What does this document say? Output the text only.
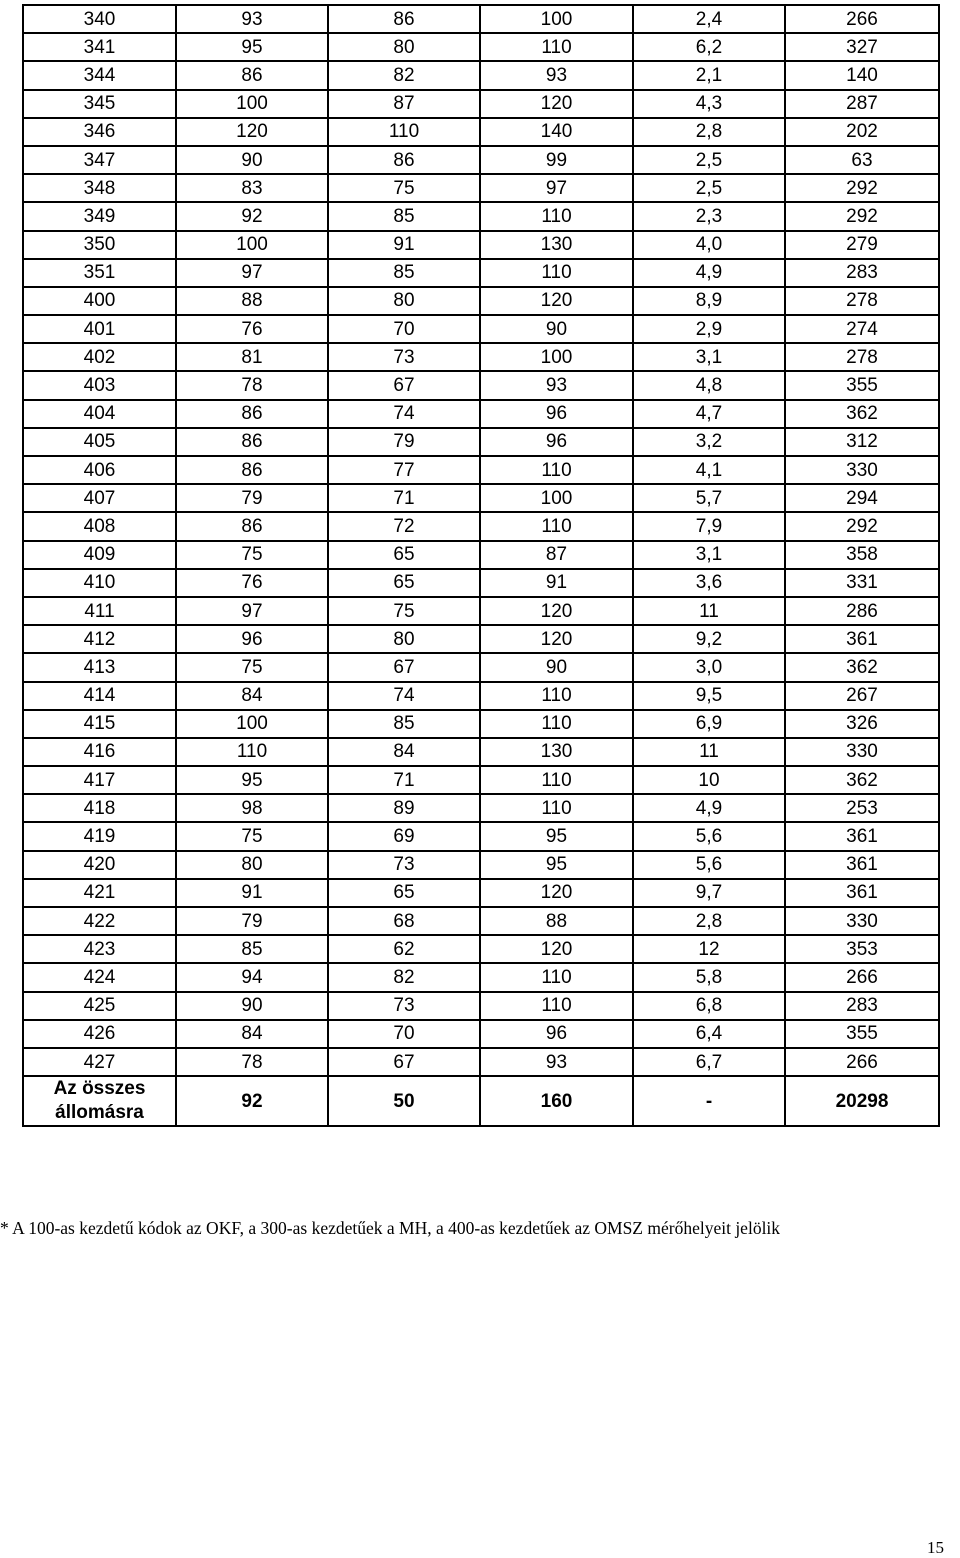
340	93	86	100	2,4	266
341	95	80	110	6,2	327
344	86	82	93	2,1	140
345	100	87	120	4,3	287
346	120	110	140	2,8	202
347	90	86	99	2,5	63
348	83	75	97	2,5	292
349	92	85	110	2,3	292
350	100	91	130	4,0	279
351	97	85	110	4,9	283
400	88	80	120	8,9	278
401	76	70	90	2,9	274
402	81	73	100	3,1	278
403	78	67	93	4,8	355
404	86	74	96	4,7	362
405	86	79	96	3,2	312
406	86	77	110	4,1	330
407	79	71	100	5,7	294
408	86	72	110	7,9	292
409	75	65	87	3,1	358
410	76	65	91	3,6	331
411	97	75	120	11	286
412	96	80	120	9,2	361
413	75	67	90	3,0	362
414	84	74	110	9,5	267
415	100	85	110	6,9	326
416	110	84	130	11	330
417	95	71	110	10	362
418	98	89	110	4,9	253
419	75	69	95	5,6	361
420	80	73	95	5,6	361
421	91	65	120	9,7	361
422	79	68	88	2,8	330
423	85	62	120	12	353
424	94	82	110	5,8	266
425	90	73	110	6,8	283
426	84	70	96	6,4	355
427	78	67	93	6,7	266
Az összes
állomásra	92	50	160	-	20298
* A 100-as kezdetű kódok az OKF, a 300-as kezdetűek a MH, a 400-as kezdetűek az OMSZ mérőhelyeit jelölik
15
